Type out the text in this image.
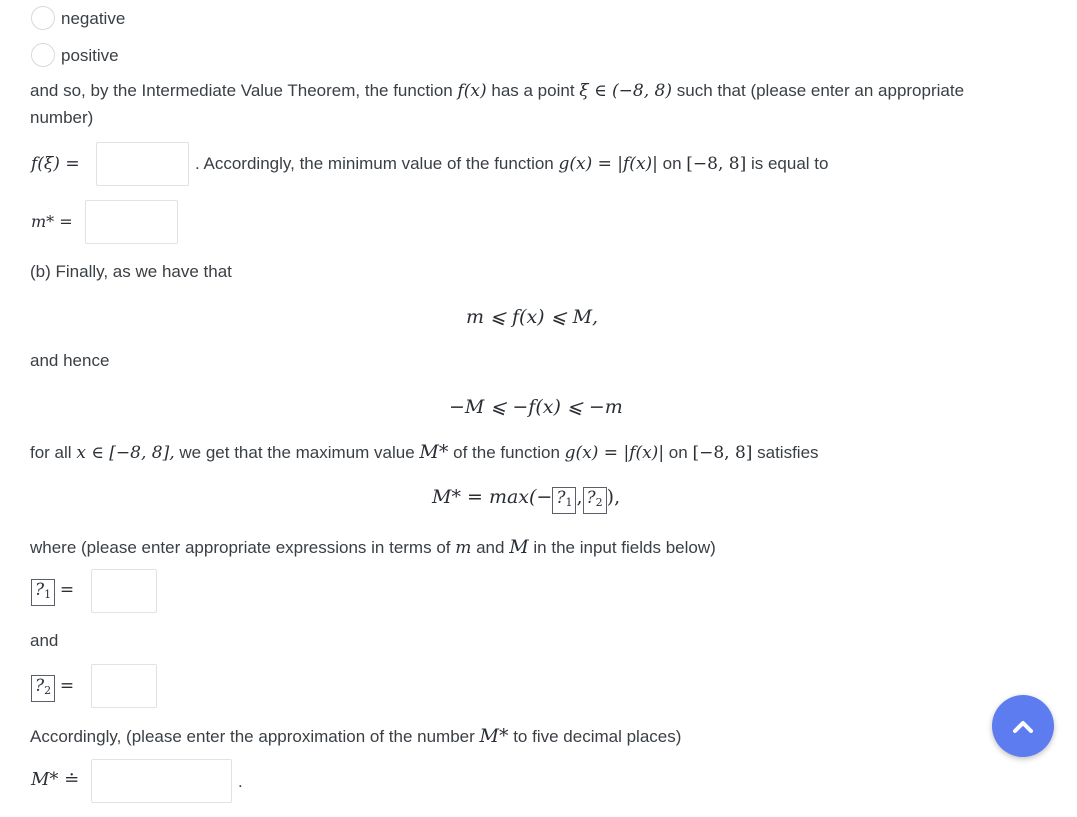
negative
positive
and so, by the Intermediate Value Theorem, the function f(x) has a point ξ ∈ (−8, 8) such that (please enter an appropriate
number)
f(ξ) =	. Accordingly, the minimum value of the function g(x) = |f(x)| on [−8, 8] is equal to
m* =
(b) Finally, as we have that
m ⩽ f(x) ⩽ M,
and hence
−M ⩽ −f(x) ⩽ −m
for all x ∈ [−8, 8], we get that the maximum value M* of the function g(x) = |f(x)| on [−8, 8] satisfies
$M* = \max(- ?_1$ , $?_2$ ),
where (please enter appropriate expressions in terms of m and M in the input fields below)
$?_1$ =
and
$?_2$ =
Accordingly, (please enter the approximation of the number M* to five decimal places)
M* ≐	.
